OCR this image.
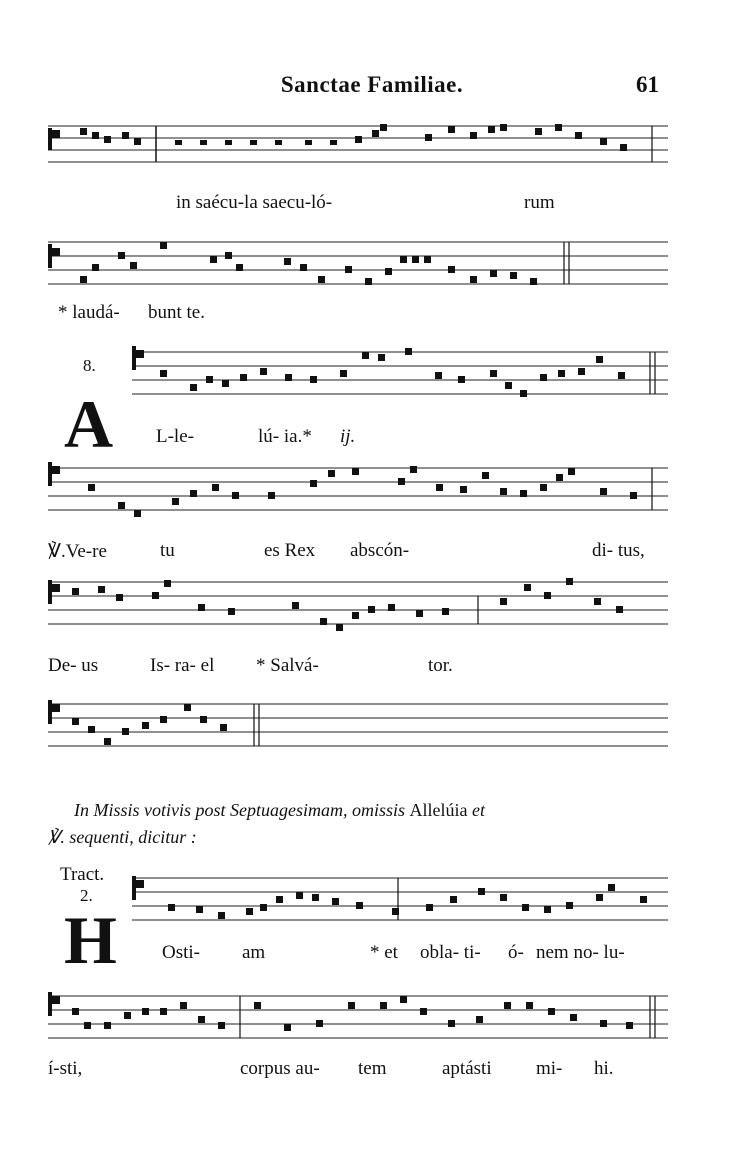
Sanctae Familiae.	61
in saécu-la saecu-ló-	rum
* laudá- bunt te.
8.
A L-le-	lú- ia.* ij.
℣.Ve-re	tu	es Rex abscón-	di- tus,
De- us	Is- ra- el * Salvá-	tor.
In Missis votivis post Septuagesimam, omissis Allelúia et
℣. sequenti, dicitur :
Tract.
2.
H Osti- am	* et obla- ti- ó- nem no- lu-
í-sti,	corpus au- tem	aptásti mi- hi.
